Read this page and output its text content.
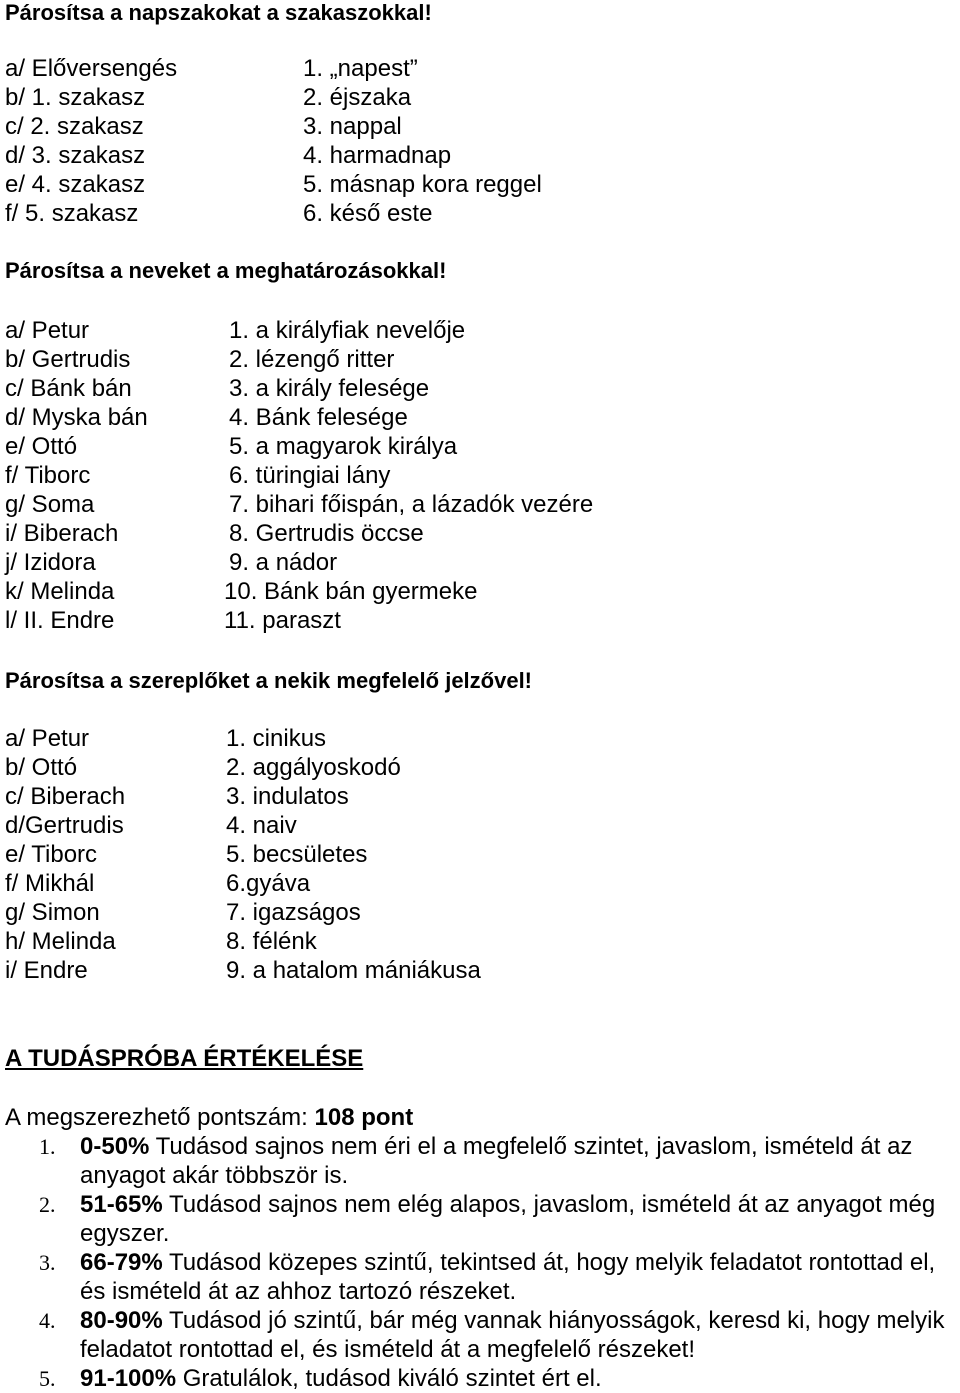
Párosítsa a napszakokat a szakaszokkal!
a/ Előversengés	1. „napest”
b/ 1. szakasz	2. éjszaka
c/ 2. szakasz	3. nappal
d/ 3. szakasz	4. harmadnap
e/ 4. szakasz	5. másnap kora reggel
f/ 5. szakasz	6. késő este
Párosítsa a neveket a meghatározásokkal!
a/ Petur	1. a királyfiak nevelője
b/ Gertrudis	2. lézengő ritter
c/ Bánk bán	3. a király felesége
d/ Myska bán	4. Bánk felesége
e/ Ottó	5. a magyarok királya
f/ Tiborc	6. türingiai lány
g/ Soma	7. bihari főispán, a lázadók vezére
i/ Biberach	8. Gertrudis öccse
j/ Izidora	9. a nádor
k/ Melinda	10. Bánk bán gyermeke
l/ II. Endre	11. paraszt
Párosítsa a szereplőket a nekik megfelelő jelzővel!
a/ Petur	1. cinikus
b/ Ottó	2. aggályoskodó
c/ Biberach	3. indulatos
d/Gertrudis	4. naiv
e/ Tiborc	5. becsületes
f/ Mikhál	6.gyáva
g/ Simon	7. igazságos
h/ Melinda	8. félénk
i/ Endre	9. a hatalom mániákusa
A TUDÁSPRÓBA ÉRTÉKELÉSE
A megszerezhető pontszám: 108 pont
1. 0-50% Tudásod sajnos nem éri el a megfelelő szintet, javaslom, ismételd át az anyagot akár többször is.
2. 51-65% Tudásod sajnos nem elég alapos, javaslom, ismételd át az anyagot még egyszer.
3. 66-79% Tudásod közepes szintű, tekintsed át, hogy melyik feladatot rontottad el, és ismételd át az ahhoz tartozó részeket.
4. 80-90% Tudásod jó szintű, bár még vannak hiányosságok, keresd ki, hogy melyik feladatot rontottad el, és ismételd át a megfelelő részeket!
5. 91-100% Gratulálok, tudásod kiváló szintet ért el.
